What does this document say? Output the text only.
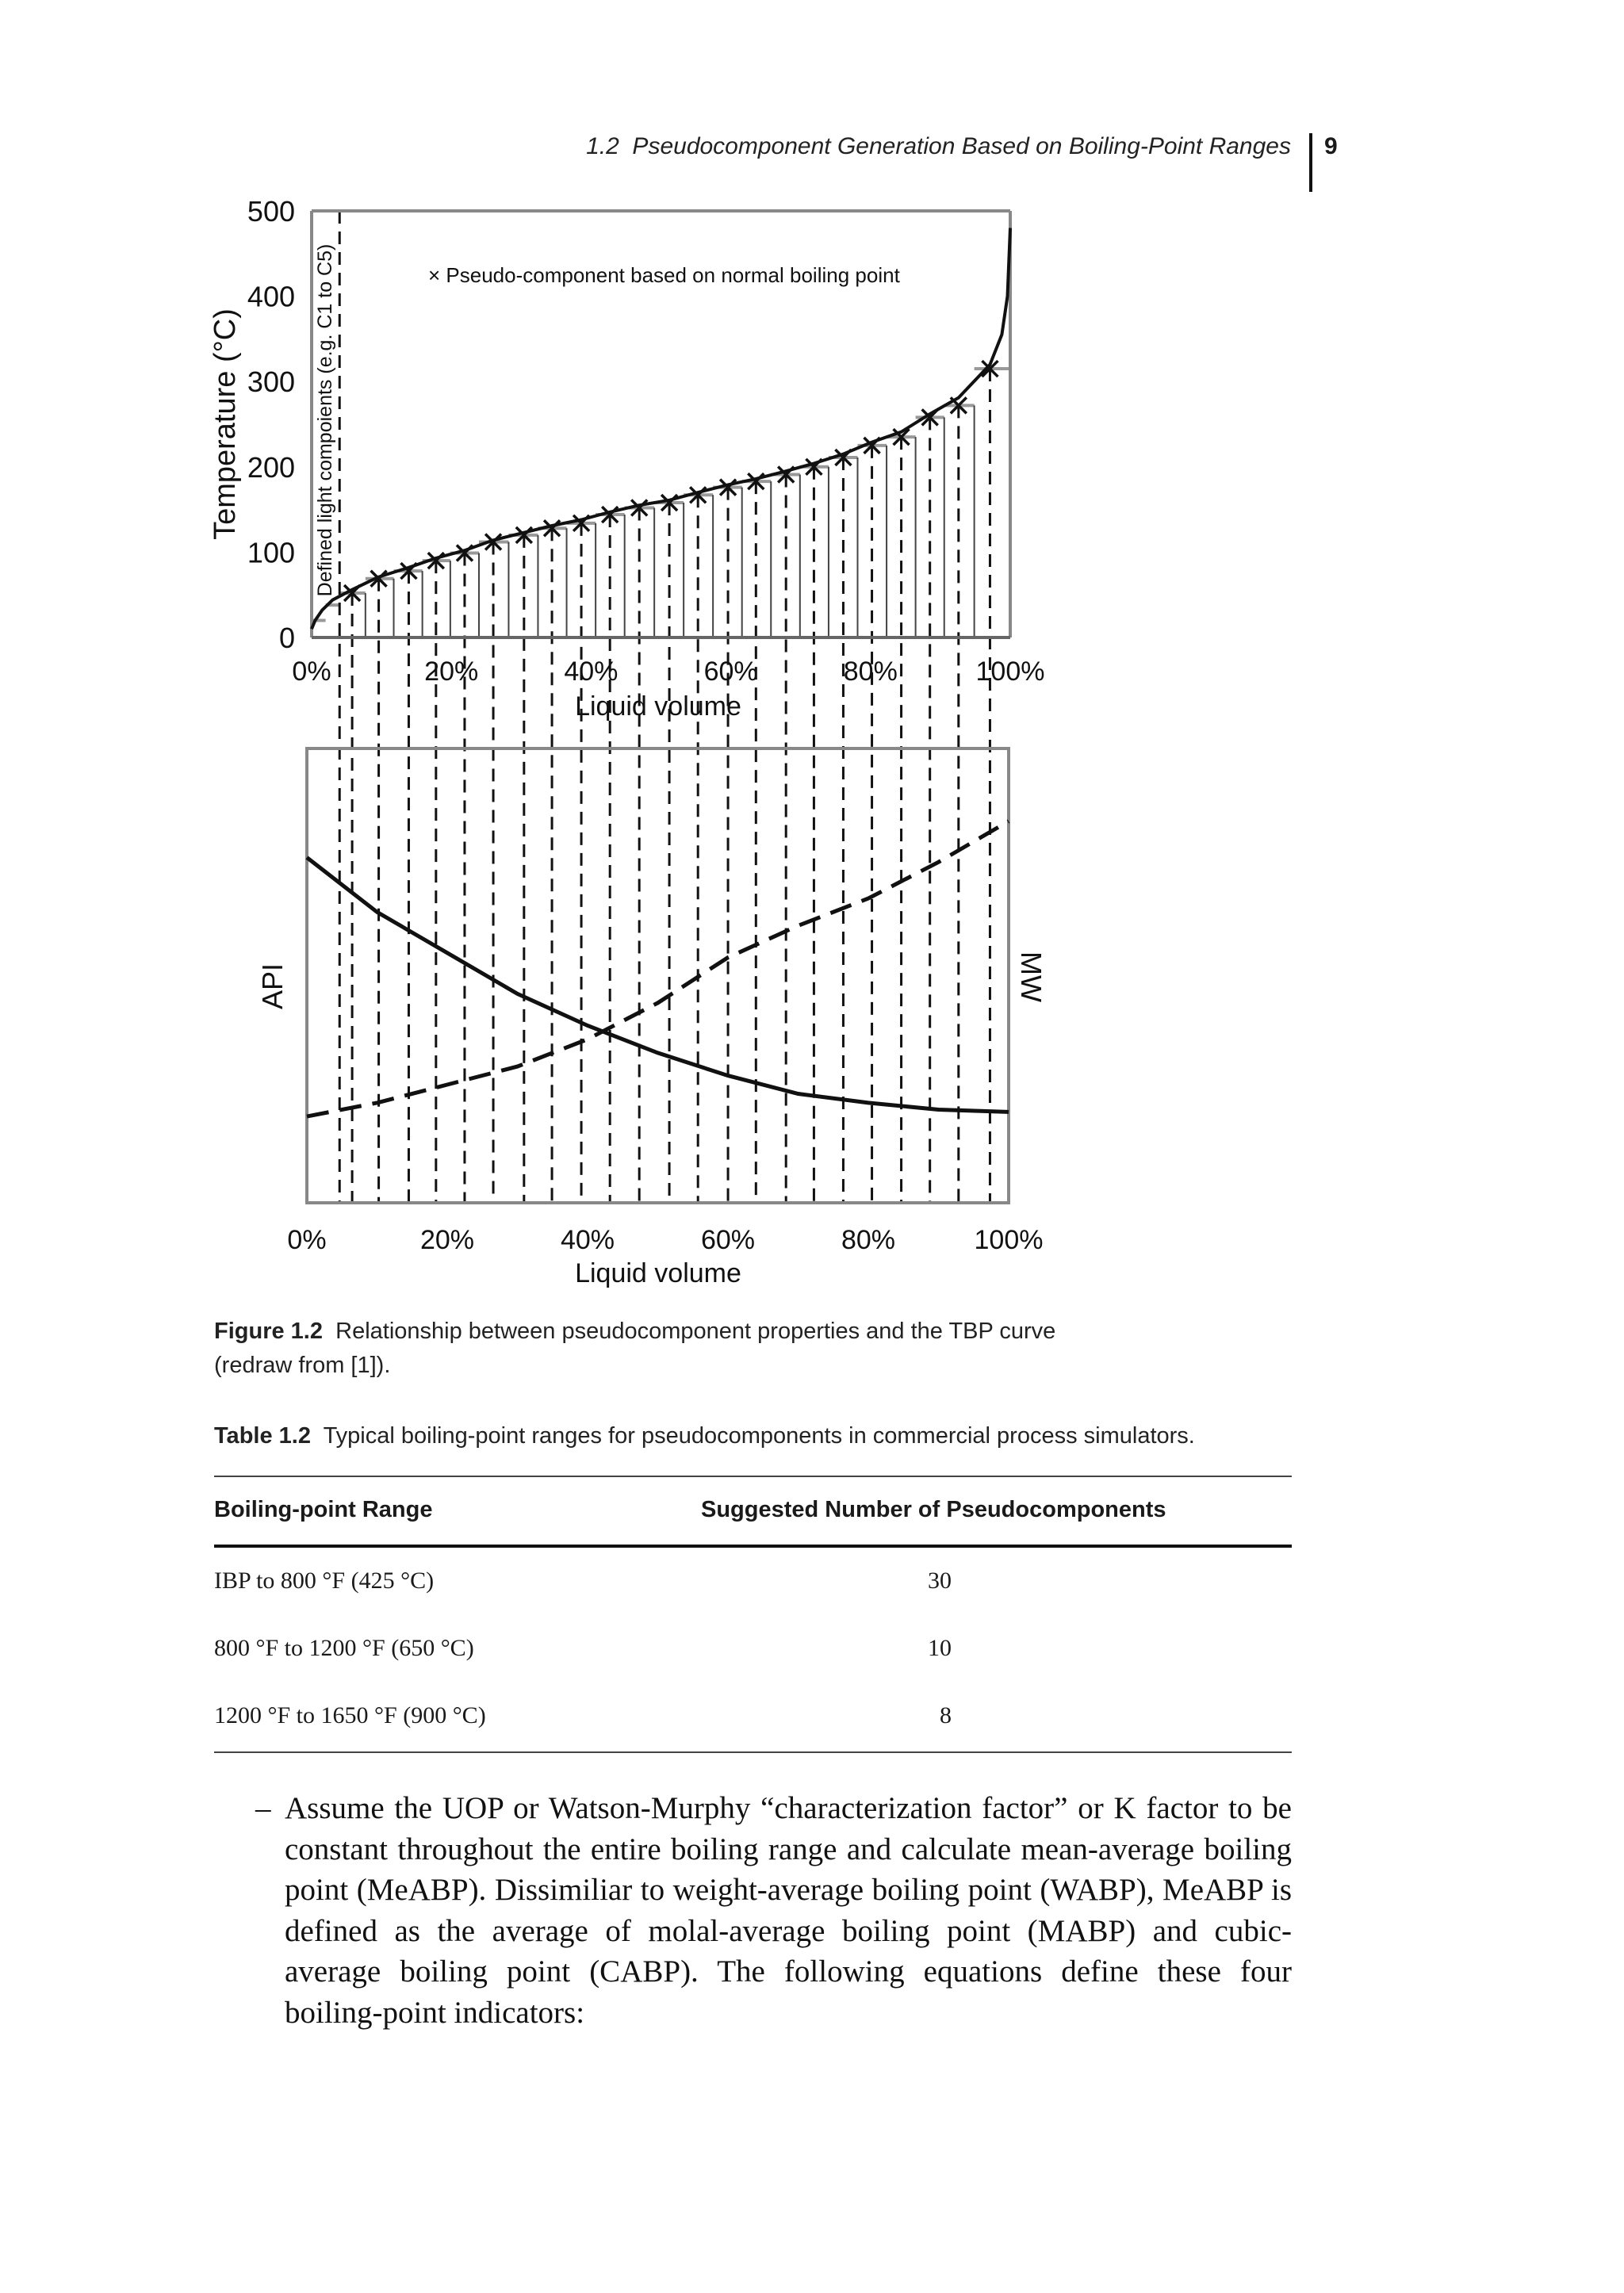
1.2  Pseudocomponent Generation Based on Boiling-Point Ranges 9
0
100
200
300
400
500
0%	20%	40%	60%	80%	100%
Liquid volume
Temperature (°C)	Defined light compoients (e.g. C1 to C5)	× Pseudo-component based on normal boiling point
0%	20%	40%	60%	80%	100%
Liquid volume
API	MW
Figure 1.2 Relationship between pseudocomponent properties and the TBP curve
(redraw from [1]).
Table 1.2 Typical boiling-point ranges for pseudocomponents in commercial process simulators.
Boiling-point Range	Suggested Number of Pseudocomponents
IBP to 800 °F (425 °C)	30
800 °F to 1200 °F (650 °C)	10
1200 °F to 1650 °F (900 °C)	8
– Assume the UOP or Watson-Murphy “characterization factor” or K factor to be constant throughout the entire boiling range and calculate mean-average boiling point (MeABP). Dissimiliar to weight-average boiling point (WABP), MeABP is defined as the average of molal-average boiling point (MABP) and cubic-average boiling point (CABP). The following equations define these four boiling-point indicators:
